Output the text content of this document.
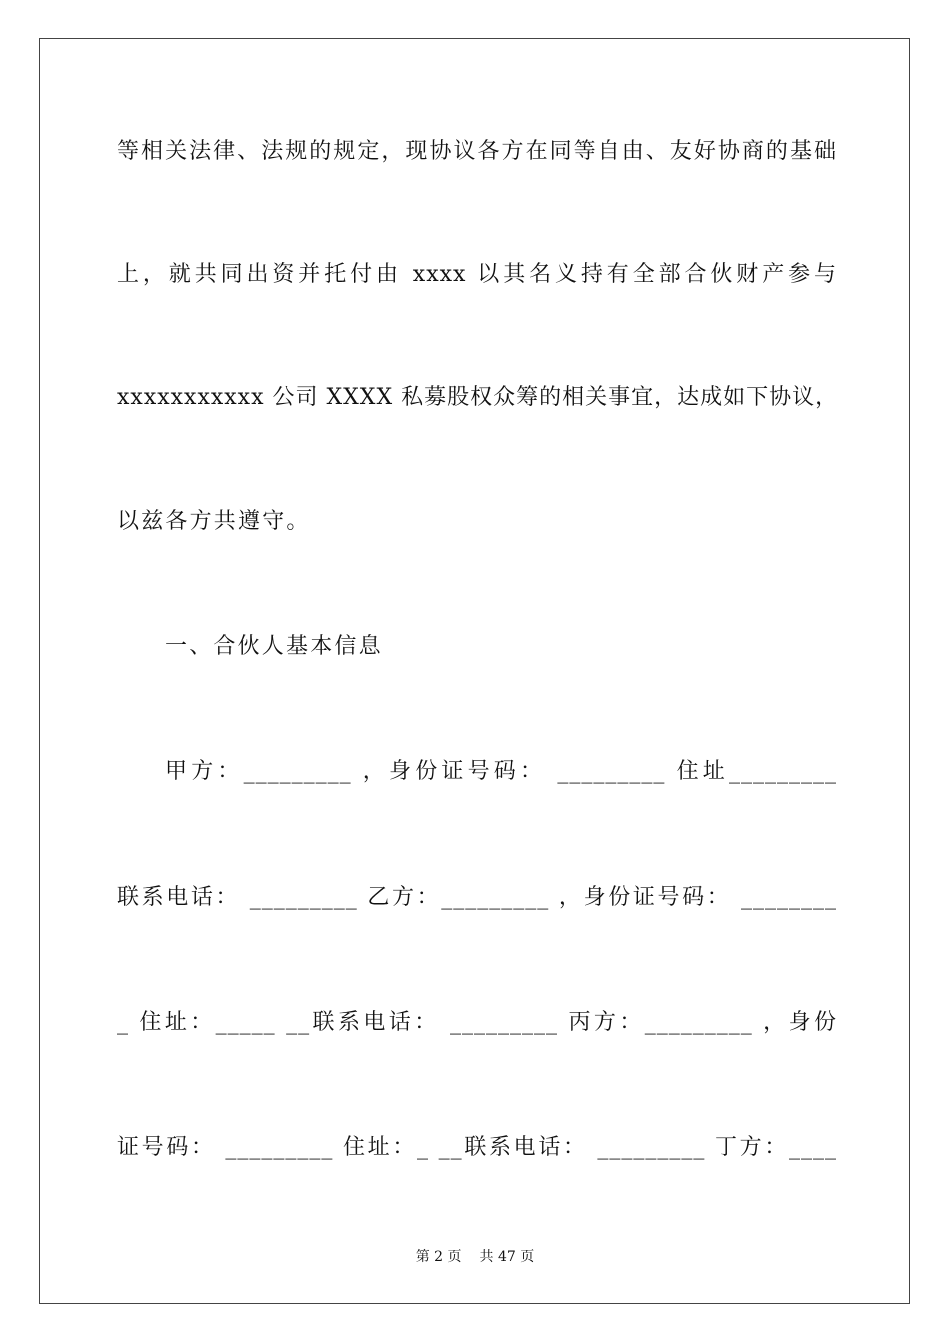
等相关法律、法规的规定，现协议各方在同等自由、友好协商的基础
上，就共同出资并托付由 xxxx 以其名义持有全部合伙财产参与
xxxxxxxxxxx 公司 XXXX 私募股权众筹的相关事宜，达成如下协议，
以兹各方共遵守。
一、合伙人基本信息
甲方：_________ ，身份证号码： _________ 住址_________
联系电话： _________ 乙方：_________ ，身份证号码： ________
_ 住址：_____ __联系电话： _________ 丙方：_________ ，身份
证号码： _________ 住址：_ __联系电话： _________ 丁方：____
第 2 页 共 47 页
